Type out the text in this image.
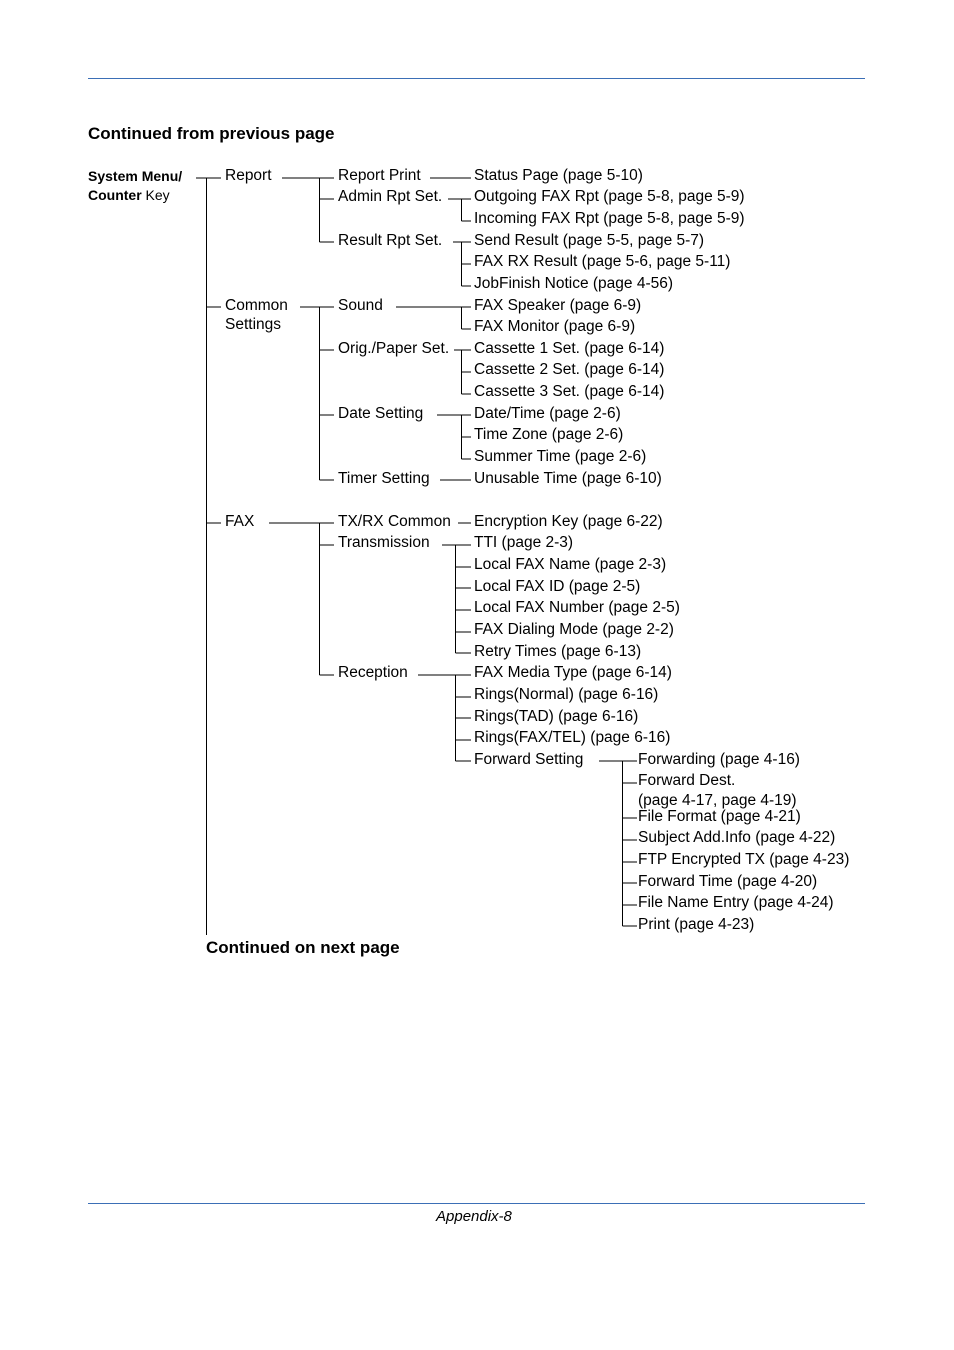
Continued from previous page
System Menu/
Counter Key
Report
Common
Settings
FAX
Report Print
Admin Rpt Set.
Result Rpt Set.
Sound
Orig./Paper Set.
Date Setting
Timer Setting
TX/RX Common
Transmission
Reception
Status Page (page 5-10)
Outgoing FAX Rpt (page 5-8, page 5-9)
Incoming FAX Rpt (page 5-8, page 5-9)
Send Result (page 5-5, page 5-7)
FAX RX Result (page 5-6, page 5-11)
JobFinish Notice (page 4-56)
FAX Speaker (page 6-9)
FAX Monitor (page 6-9)
Cassette 1 Set. (page 6-14)
Cassette 2 Set. (page 6-14)
Cassette 3 Set. (page 6-14)
Date/Time (page 2-6)
Time Zone (page 2-6)
Summer Time (page 2-6)
Unusable Time (page 6-10)
Encryption Key (page 6-22)
TTI (page 2-3)
Local FAX Name (page 2-3)
Local FAX ID (page 2-5)
Local FAX Number (page 2-5)
FAX Dialing Mode (page 2-2)
Retry Times (page 6-13)
FAX Media Type (page 6-14)
Rings(Normal) (page 6-16)
Rings(TAD) (page 6-16)
Rings(FAX/TEL) (page 6-16)
Forward Setting	Forwarding (page 4-16)
Forward Dest.
(page 4-17, page 4-19)
File Format (page 4-21)
Subject Add.Info (page 4-22)
FTP Encrypted TX (page 4-23)
Forward Time (page 4-20)
File Name Entry (page 4-24)
Print (page 4-23)
Continued on next page
Appendix-8
